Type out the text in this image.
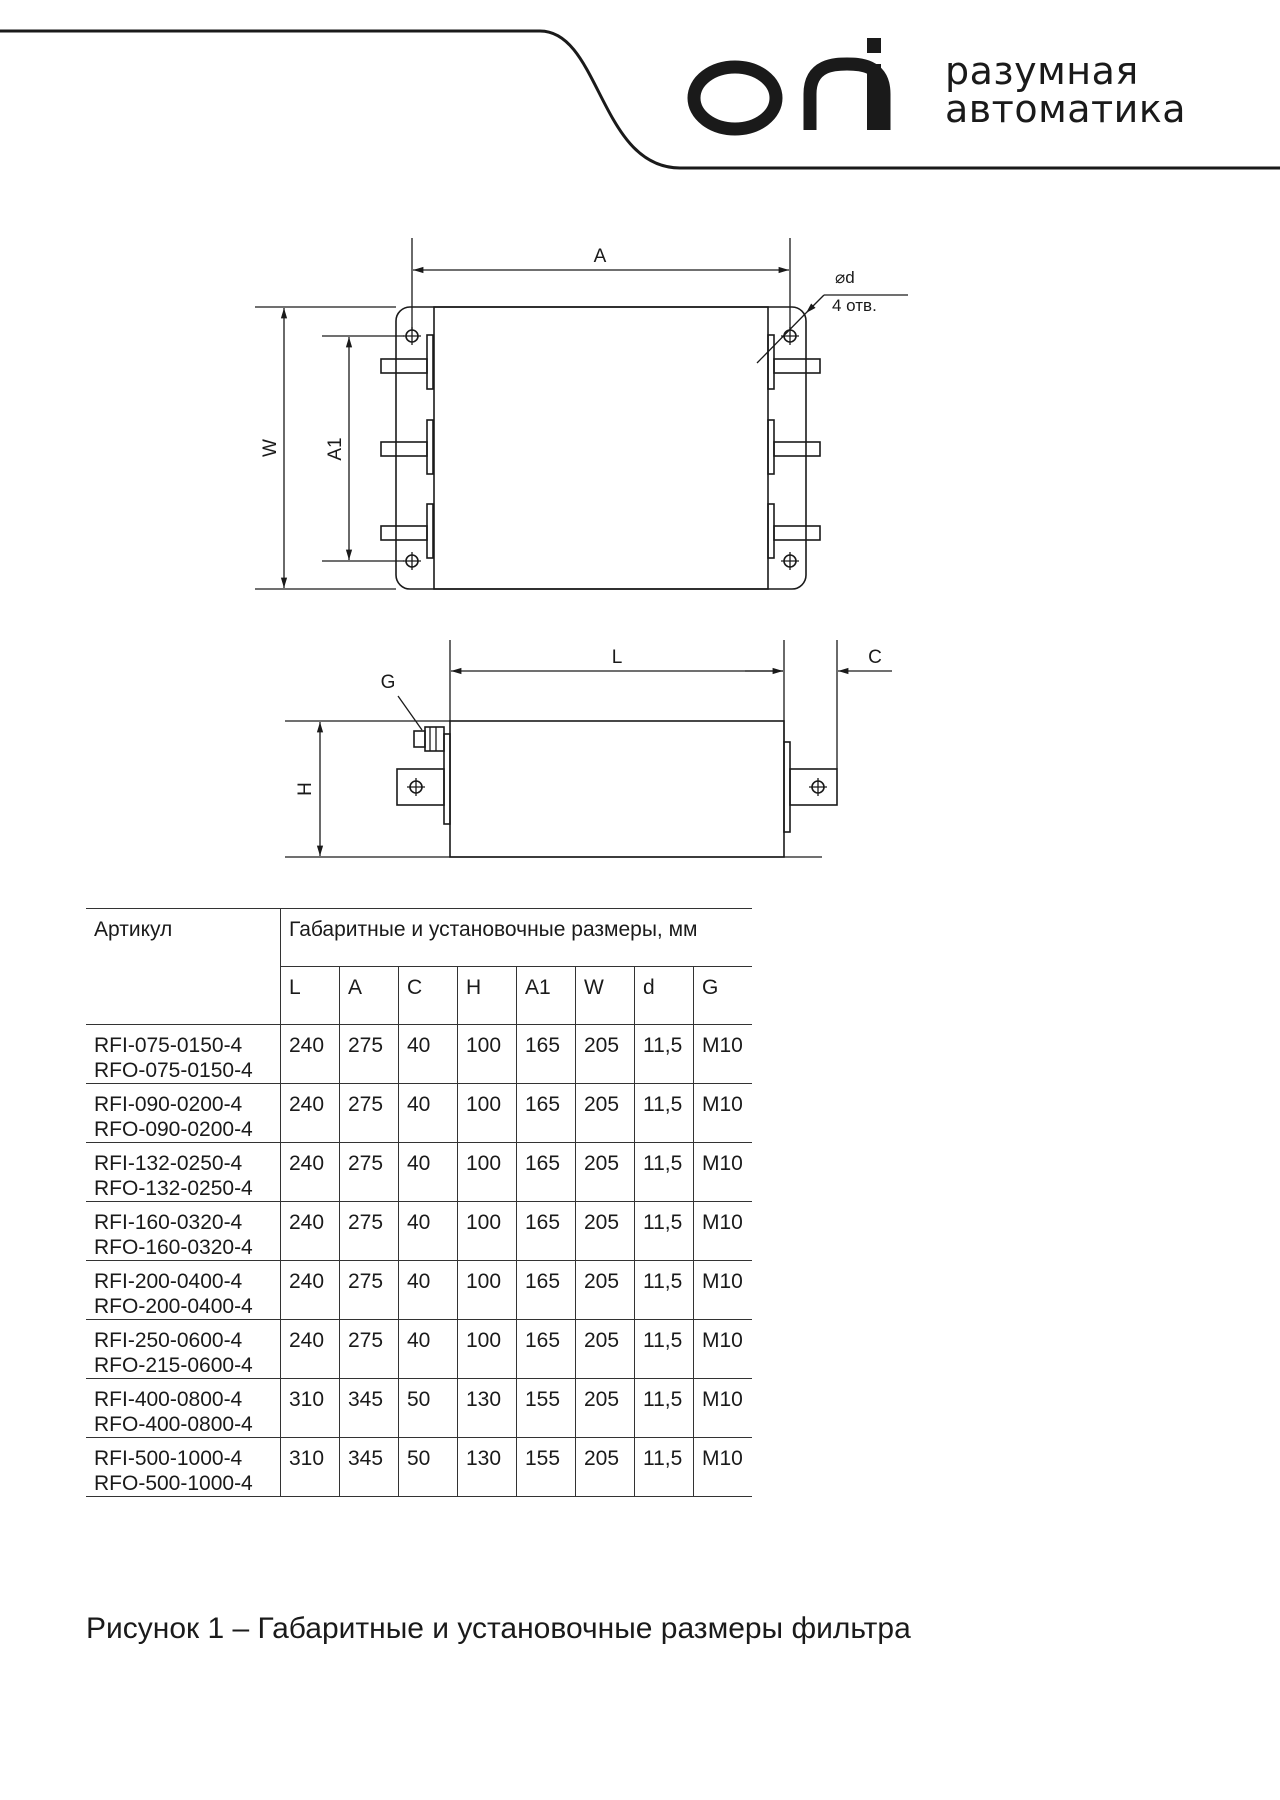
oni
разумная
автоматика
A
W A1
⌀d
4 отв.
L	C
H
G
Артикул	Габаритные и установочные размеры, мм							
	L	A	C	H	A1	W	d	G

RFI-075-0150-4
RFO-075-0150-4	240	275	40	100	165	205	11,5	M10

RFI-090-0200-4
RFO-090-0200-4	240	275	40	100	165	205	11,5	M10

RFI-132-0250-4
RFO-132-0250-4	240	275	40	100	165	205	11,5	M10

RFI-160-0320-4
RFO-160-0320-4	240	275	40	100	165	205	11,5	M10

RFI-200-0400-4
RFO-200-0400-4	240	275	40	100	165	205	11,5	M10

RFI-250-0600-4
RFO-215-0600-4	240	275	40	100	165	205	11,5	M10

RFI-400-0800-4
RFO-400-0800-4	310	345	50	130	155	205	11,5	M10

RFI-500-1000-4
RFO-500-1000-4	310	345	50	130	155	205	11,5	M10
Рисунок 1 – Габаритные и установочные размеры фильтра
